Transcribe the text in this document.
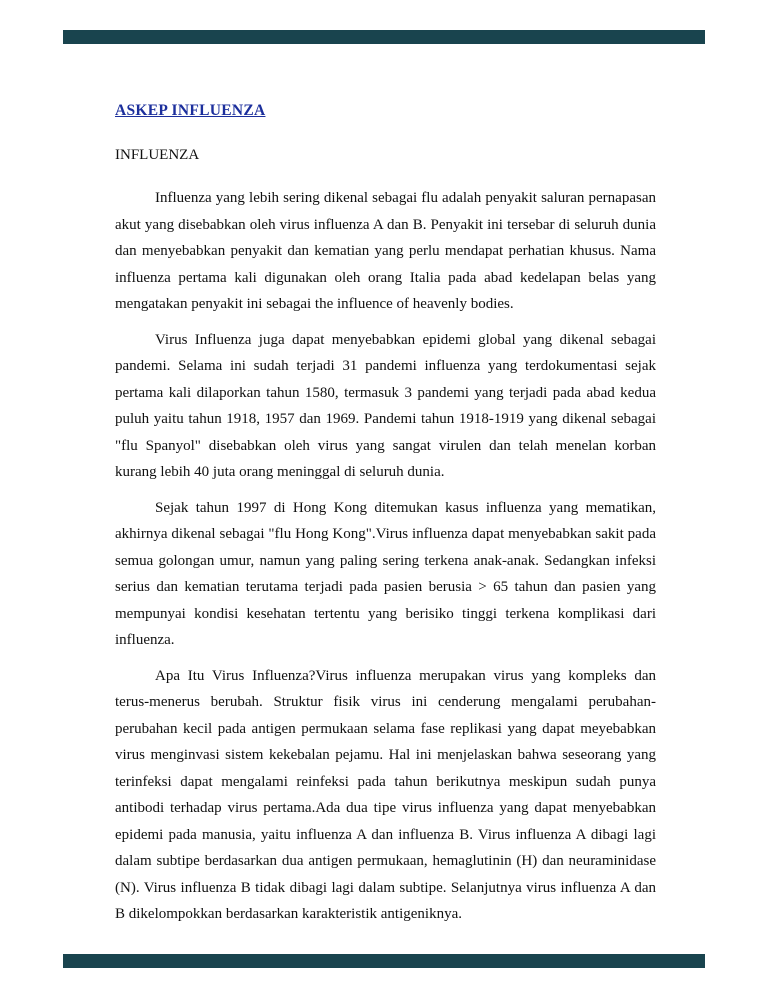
ASKEP INFLUENZA

INFLUENZA

Influenza yang lebih sering dikenal sebagai flu adalah penyakit saluran pernapasan akut yang disebabkan oleh virus influenza A dan B. Penyakit ini tersebar di seluruh dunia dan menyebabkan penyakit dan kematian yang perlu mendapat perhatian khusus. Nama influenza pertama kali digunakan oleh orang Italia pada abad kedelapan belas yang mengatakan penyakit ini sebagai the influence of heavenly bodies.

Virus Influenza juga dapat menyebabkan epidemi global yang dikenal sebagai pandemi. Selama ini sudah terjadi 31 pandemi influenza yang terdokumentasi sejak pertama kali dilaporkan tahun 1580, termasuk 3 pandemi yang terjadi pada abad kedua puluh yaitu tahun 1918, 1957 dan 1969. Pandemi tahun 1918-1919 yang dikenal sebagai "flu Spanyol" disebabkan oleh virus yang sangat virulen dan telah menelan korban kurang lebih 40 juta orang meninggal di seluruh dunia.

Sejak tahun 1997 di Hong Kong ditemukan kasus influenza yang mematikan, akhirnya dikenal sebagai "flu Hong Kong".Virus influenza dapat menyebabkan sakit pada semua golongan umur, namun yang paling sering terkena anak-anak. Sedangkan infeksi serius dan kematian terutama terjadi pada pasien berusia > 65 tahun dan pasien yang mempunyai kondisi kesehatan tertentu yang berisiko tinggi terkena komplikasi dari influenza.

Apa Itu Virus Influenza?Virus influenza merupakan virus yang kompleks dan terus-menerus berubah. Struktur fisik virus ini cenderung mengalami perubahan-perubahan kecil pada antigen permukaan selama fase replikasi yang dapat meyebabkan virus menginvasi sistem kekebalan pejamu. Hal ini menjelaskan bahwa seseorang yang terinfeksi dapat mengalami reinfeksi pada tahun berikutnya meskipun sudah punya antibodi terhadap virus pertama.Ada dua tipe virus influenza yang dapat menyebabkan epidemi pada manusia, yaitu influenza A dan influenza B. Virus influenza A dibagi lagi dalam subtipe berdasarkan dua antigen permukaan, hemaglutinin (H) dan neuraminidase (N). Virus influenza B tidak dibagi lagi dalam subtipe. Selanjutnya virus influenza A dan B dikelompokkan berdasarkan karakteristik antigeniknya.
